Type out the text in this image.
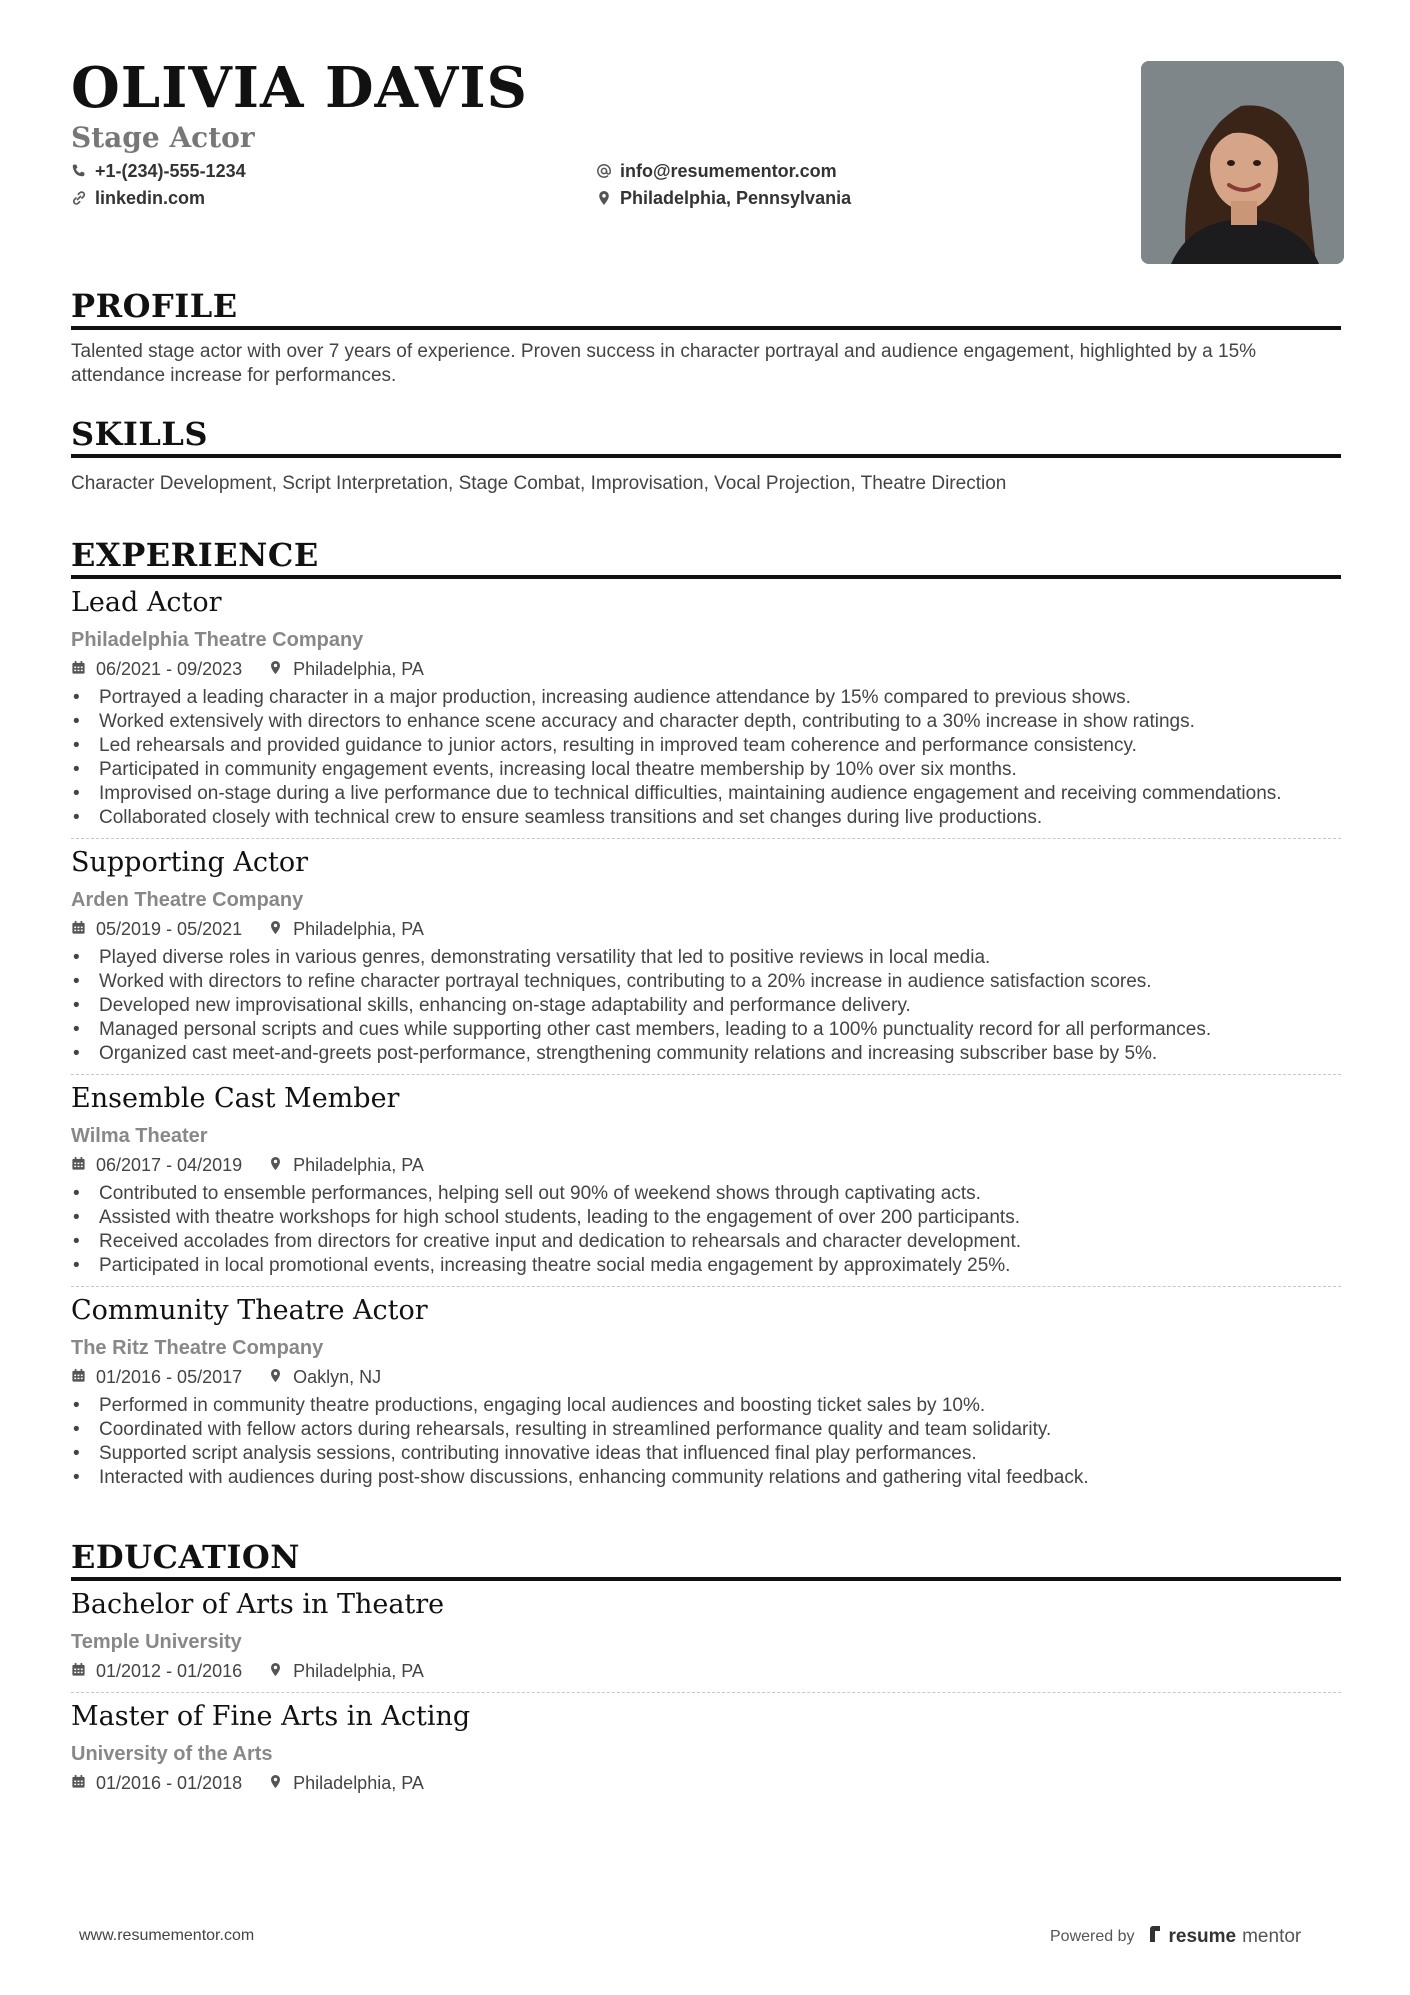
OLIVIA DAVIS
Stage Actor
+1-(234)-555-1234
linkedin.com
info@resumementor.com
Philadelphia, Pennsylvania
PROFILE
Talented stage actor with over 7 years of experience. Proven success in character portrayal and audience engagement, highlighted by a 15% attendance increase for performances.
SKILLS
Character Development, Script Interpretation, Stage Combat, Improvisation, Vocal Projection, Theatre Direction
EXPERIENCE
Lead Actor
Philadelphia Theatre Company
06/2021 - 09/2023	Philadelphia, PA
• Portrayed a leading character in a major production, increasing audience attendance by 15% compared to previous shows.
• Worked extensively with directors to enhance scene accuracy and character depth, contributing to a 30% increase in show ratings.
• Led rehearsals and provided guidance to junior actors, resulting in improved team coherence and performance consistency.
• Participated in community engagement events, increasing local theatre membership by 10% over six months.
• Improvised on-stage during a live performance due to technical difficulties, maintaining audience engagement and receiving commendations.
• Collaborated closely with technical crew to ensure seamless transitions and set changes during live productions.
Supporting Actor
Arden Theatre Company
05/2019 - 05/2021	Philadelphia, PA
• Played diverse roles in various genres, demonstrating versatility that led to positive reviews in local media.
• Worked with directors to refine character portrayal techniques, contributing to a 20% increase in audience satisfaction scores.
• Developed new improvisational skills, enhancing on-stage adaptability and performance delivery.
• Managed personal scripts and cues while supporting other cast members, leading to a 100% punctuality record for all performances.
• Organized cast meet-and-greets post-performance, strengthening community relations and increasing subscriber base by 5%.
Ensemble Cast Member
Wilma Theater
06/2017 - 04/2019	Philadelphia, PA
• Contributed to ensemble performances, helping sell out 90% of weekend shows through captivating acts.
• Assisted with theatre workshops for high school students, leading to the engagement of over 200 participants.
• Received accolades from directors for creative input and dedication to rehearsals and character development.
• Participated in local promotional events, increasing theatre social media engagement by approximately 25%.
Community Theatre Actor
The Ritz Theatre Company
01/2016 - 05/2017	Oaklyn, NJ
• Performed in community theatre productions, engaging local audiences and boosting ticket sales by 10%.
• Coordinated with fellow actors during rehearsals, resulting in streamlined performance quality and team solidarity.
• Supported script analysis sessions, contributing innovative ideas that influenced final play performances.
• Interacted with audiences during post-show discussions, enhancing community relations and gathering vital feedback.
EDUCATION
Bachelor of Arts in Theatre
Temple University
01/2012 - 01/2016	Philadelphia, PA
Master of Fine Arts in Acting
University of the Arts
01/2016 - 01/2018	Philadelphia, PA
www.resumementor.com	Powered by resume mentor
